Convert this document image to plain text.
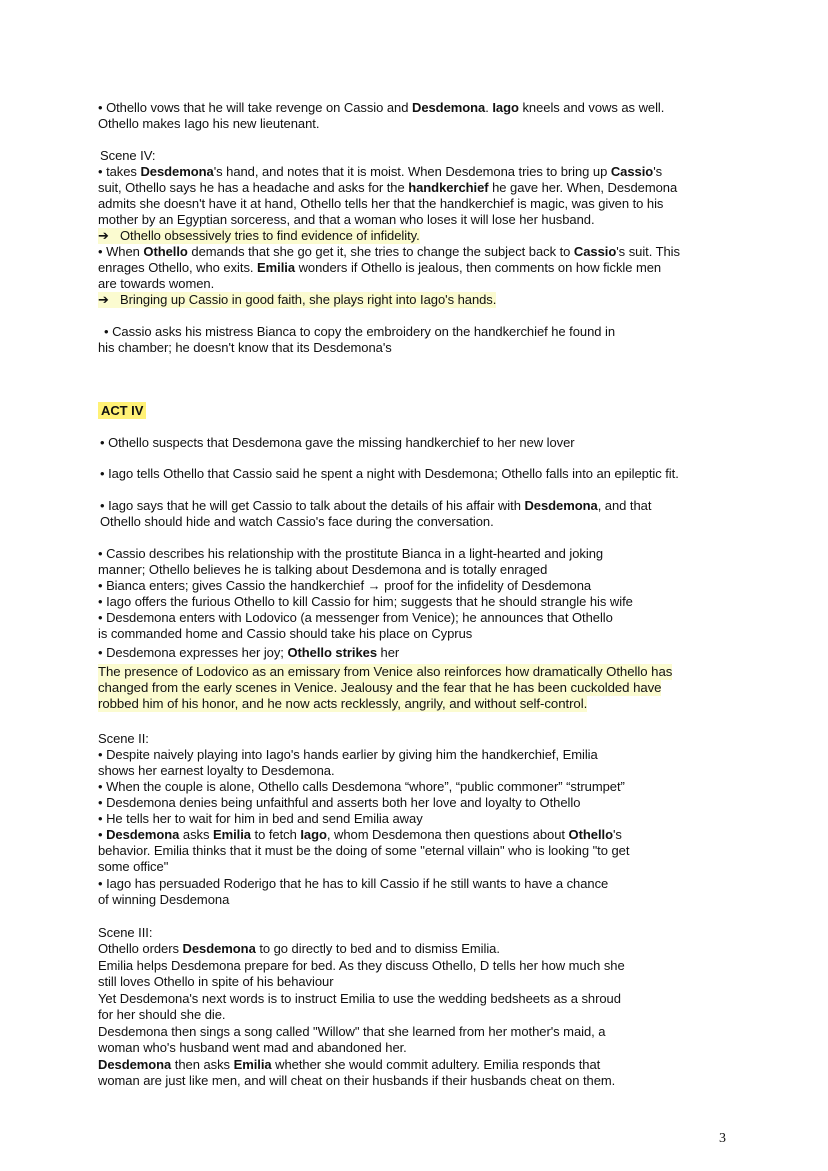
• Othello vows that he will take revenge on Cassio and Desdemona. Iago kneels and vows as well.
Othello makes Iago his new lieutenant.
Scene IV:
• takes Desdemona's hand, and notes that it is moist. When Desdemona tries to bring up Cassio's
suit, Othello says he has a headache and asks for the handkerchief he gave her. When, Desdemona
admits she doesn't have it at hand, Othello tells her that the handkerchief is magic, was given to his
mother by an Egyptian sorceress, and that a woman who loses it will lose her husband.
➔ Othello obsessively tries to find evidence of infidelity.
• When Othello demands that she go get it, she tries to change the subject back to Cassio's suit. This
enrages Othello, who exits. Emilia wonders if Othello is jealous, then comments on how fickle men
are towards women.
➔ Bringing up Cassio in good faith, she plays right into Iago's hands.
• Cassio asks his mistress Bianca to copy the embroidery on the handkerchief he found in
his chamber; he doesn't know that its Desdemona's
ACT IV
• Othello suspects that Desdemona gave the missing handkerchief to her new lover
• Iago tells Othello that Cassio said he spent a night with Desdemona; Othello falls into an epileptic fit.
• Iago says that he will get Cassio to talk about the details of his affair with Desdemona, and that
Othello should hide and watch Cassio's face during the conversation.
• Cassio describes his relationship with the prostitute Bianca in a light-hearted and joking
manner; Othello believes he is talking about Desdemona and is totally enraged
• Bianca enters; gives Cassio the handkerchief → proof for the infidelity of Desdemona
• Iago offers the furious Othello to kill Cassio for him; suggests that he should strangle his wife
• Desdemona enters with Lodovico (a messenger from Venice); he announces that Othello
is commanded home and Cassio should take his place on Cyprus
• Desdemona expresses her joy; Othello strikes her
The presence of Lodovico as an emissary from Venice also reinforces how dramatically Othello has
changed from the early scenes in Venice. Jealousy and the fear that he has been cuckolded have
robbed him of his honor, and he now acts recklessly, angrily, and without self-control.
Scene II:
• Despite naively playing into Iago's hands earlier by giving him the handkerchief, Emilia
shows her earnest loyalty to Desdemona.
• When the couple is alone, Othello calls Desdemona “whore”, “public commoner” “strumpet”
• Desdemona denies being unfaithful and asserts both her love and loyalty to Othello
• He tells her to wait for him in bed and send Emilia away
• Desdemona asks Emilia to fetch Iago, whom Desdemona then questions about Othello's
behavior. Emilia thinks that it must be the doing of some "eternal villain" who is looking "to get
some office"
• Iago has persuaded Roderigo that he has to kill Cassio if he still wants to have a chance
of winning Desdemona
Scene III:
Othello orders Desdemona to go directly to bed and to dismiss Emilia.
Emilia helps Desdemona prepare for bed. As they discuss Othello, D tells her how much she
still loves Othello in spite of his behaviour
Yet Desdemona's next words is to instruct Emilia to use the wedding bedsheets as a shroud
for her should she die.
Desdemona then sings a song called "Willow" that she learned from her mother's maid, a
woman who's husband went mad and abandoned her.
Desdemona then asks Emilia whether she would commit adultery. Emilia responds that
woman are just like men, and will cheat on their husbands if their husbands cheat on them.
3
